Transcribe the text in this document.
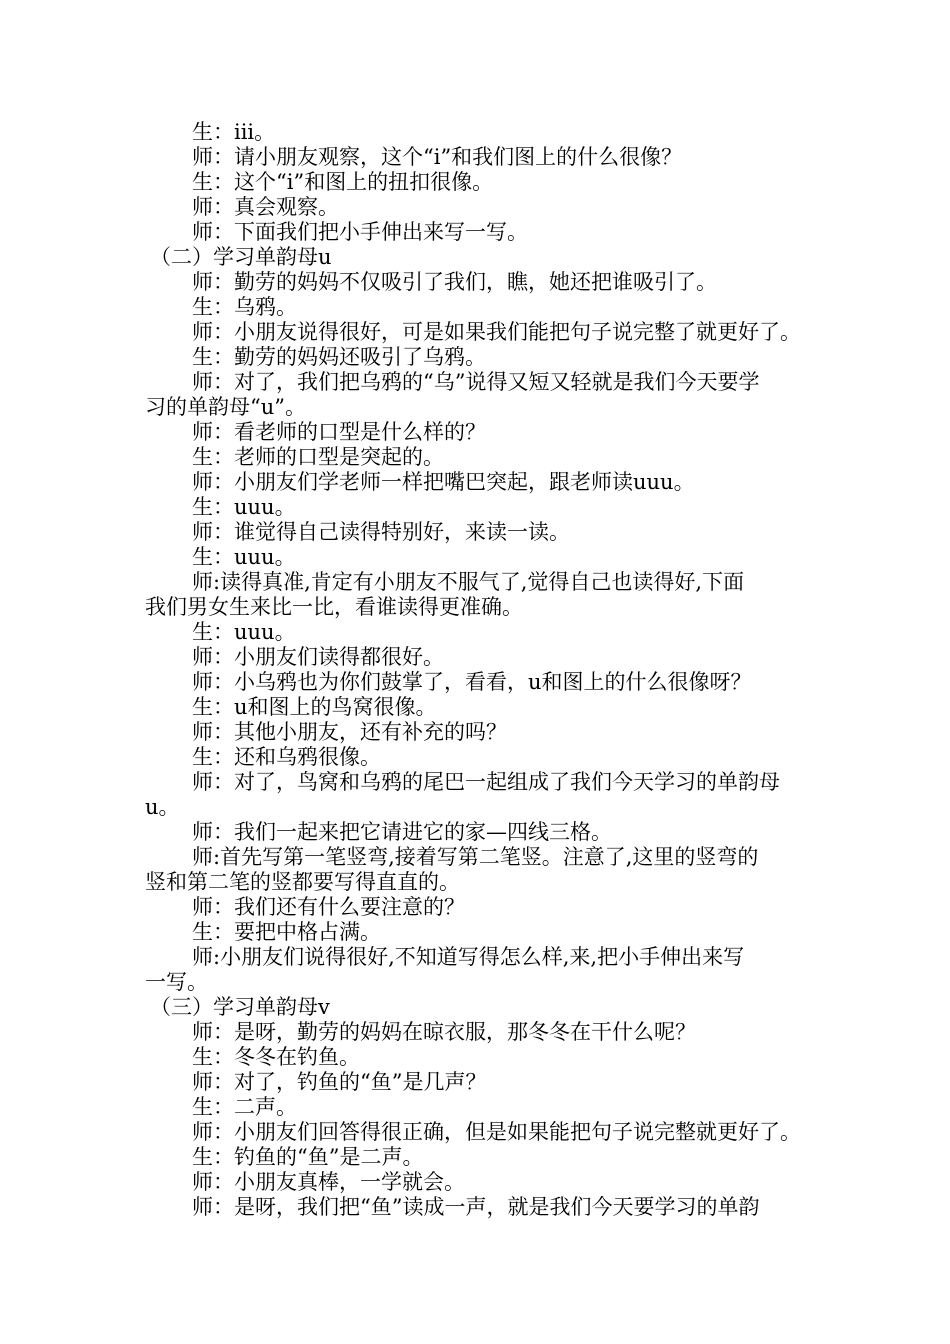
生：iii。
师：请小朋友观察，这个“i”和我们图上的什么很像？
生：这个“i”和图上的扭扣很像。
师：真会观察。
师：下面我们把小手伸出来写一写。
（二）学习单韵母u
师：勤劳的妈妈不仅吸引了我们，瞧，她还把谁吸引了。
生：乌鸦。
师：小朋友说得很好，可是如果我们能把句子说完整了就更好了。
生：勤劳的妈妈还吸引了乌鸦。
师：对了，我们把乌鸦的“乌”说得又短又轻就是我们今天要学
习的单韵母“u”。
师：看老师的口型是什么样的？
生：老师的口型是突起的。
师：小朋友们学老师一样把嘴巴突起，跟老师读uuu。
生：uuu。
师：谁觉得自己读得特别好，来读一读。
生：uuu。
师:读得真准,肯定有小朋友不服气了,觉得自己也读得好,下面
我们男女生来比一比，看谁读得更准确。
生：uuu。
师：小朋友们读得都很好。
师：小乌鸦也为你们鼓掌了，看看，u和图上的什么很像呀？
生：u和图上的鸟窝很像。
师：其他小朋友，还有补充的吗？
生：还和乌鸦很像。
师：对了，鸟窝和乌鸦的尾巴一起组成了我们今天学习的单韵母
u。
师：我们一起来把它请进它的家—四线三格。
师:首先写第一笔竖弯,接着写第二笔竖。注意了,这里的竖弯的
竖和第二笔的竖都要写得直直的。
师：我们还有什么要注意的？
生：要把中格占满。
师:小朋友们说得很好,不知道写得怎么样,来,把小手伸出来写
一写。
（三）学习单韵母v
师：是呀，勤劳的妈妈在晾衣服，那冬冬在干什么呢？
生：冬冬在钓鱼。
师：对了，钓鱼的“鱼”是几声？
生：二声。
师：小朋友们回答得很正确，但是如果能把句子说完整就更好了。
生：钓鱼的“鱼”是二声。
师：小朋友真棒，一学就会。
师：是呀，我们把“鱼”读成一声，就是我们今天要学习的单韵
